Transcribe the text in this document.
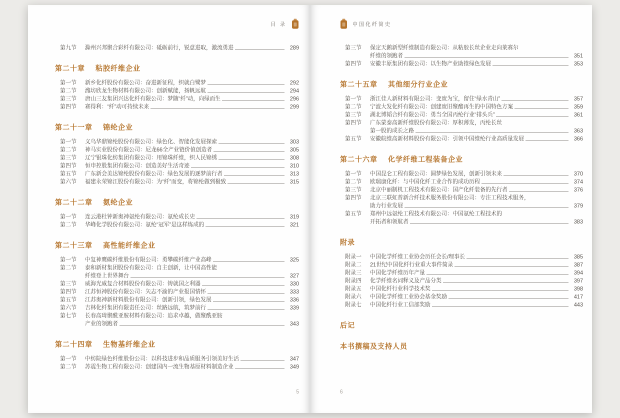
目 录
第九节 滁州兴邦聚合彩纤有限公司：砥砺前行，锐意进取，激流勇进	289
第二十章 粘胶纤维企业
第一节 新乡化纤股份有限公司：奋进新征程，织就白鹭梦	292
第二节 潍坊欣龙生物材料有限公司：创新赋能，扬帆远航	294
第三节 唐山三友集团兴达化纤有限公司：梦随“纤”动，向绿而生	296
第四节 赛得利：“纤”动可持续未来	299
第二十一章 锦纶企业
第一节 义乌华鼎锦纶股份有限公司：绿色化、智能化发展探索	303
第二节 神马实业股份有限公司：尼龙66全产业链价值创造者	305
第三节 辽宁银珠化纺集团有限公司：用锦珠纤维，织人民锦绣	308
第四节 恒申控股集团有限公司：创造美好生活奇迹	310
第五节 广东新会美达锦纶股份有限公司：绿色发展的逐梦前行者	313
第六节 福建永荣锦江股份有限公司：为“纤”而变，将锦纶做到极致	315
第二十二章 氨纶企业
第一节 连云港杜钟新奥神氨纶有限公司：氨纶成长史	319
第二节 华峰化学股份有限公司：氨纶“冠军”是这样炼成的	321
第二十三章 高性能纤维企业
第一节 中复神鹰碳纤维股份有限公司：勇攀碳纤维产业高峰	325
第二节 泰和新材集团股份有限公司：自主创新，让中国高性能
纤维登上世界舞台	327
第三节 威海光威复合材料股份有限公司：铸就国之利器	330
第四节 江苏恒神股份有限公司：矢志不渝的产业报国情怀	333
第五节 江苏奥神新材料股份有限公司：创新引领，绿色发展	336
第六节 吉林化纤集团有限责任公司：丝路远航，筑梦前行	339
第七节 长春高琦聚酰亚胺材料有限公司：追求卓越，做聚酰亚胺
产业的领跑者	343
第二十四章 生物基纤维企业
第一节 中纺院绿色纤维股份公司：以科技进步和品质服务引领美好生活	347
第二节 苏震生物工程有限公司：创建国内一流生物基原材料制造企业	349
5
中国化纤简史
第三节 保定天鹅新型纤维制造有限公司：从粘胶长丝企业走向莱赛尔
纤维的领跑者	351
第四节 安徽丰原集团有限公司：以生物产业助推绿色发展	353
第二十五章 其他细分行业企业
第一节 浙江佳人新材料有限公司：变废为宝，留住“绿水青山”	357
第二节 宁波大发化纤有限公司：创建废旧聚酯再生的中国特色方案	359
第三节 湖北博韬合纤有限公司：勇当全国丙纶行业“排头兵”	361
第四节 广东蒙泰高新纤维股份有限公司：厚积薄发，丙纶长丝
第一股的成长之路	363
第五节 安徽皖维高新材料股份有限公司：引领中国维纶行业高质量发展	366
第二十六章 化学纤维工程装备企业
第一节 中国昆仑工程有限公司：圆梦绿色发展，创新引领未来	370
第二节 欧瑞康化纤：与中国化纤工业合作的成功历程	374
第三节 北京中丽制机工程技术有限公司：国产化纤装备的先行者	376
第四节 北京三联虹普新合纤技术服务股份有限公司：专注工程技术服务，
助力行业发展	379
第五节 郑州中远氨纶工程技术有限公司：中国氨纶工程技术的
开拓者和领航者	383
附录
附录一 中国化学纤维工业协会历任会长/理事长	385
附录二 21世纪中国化纤行业重大事件简录	387
附录三 中国化学纤维历年产量	394
附录四 化学纤维名词释义及产品分类	397
附录五 中国化纤行业科学技术奖	398
附录六 中国化学纤维工业协会基金奖励	417
附录七 中国化纤行业工信部奖励	443
后记
本书撰稿及支持人员
6
